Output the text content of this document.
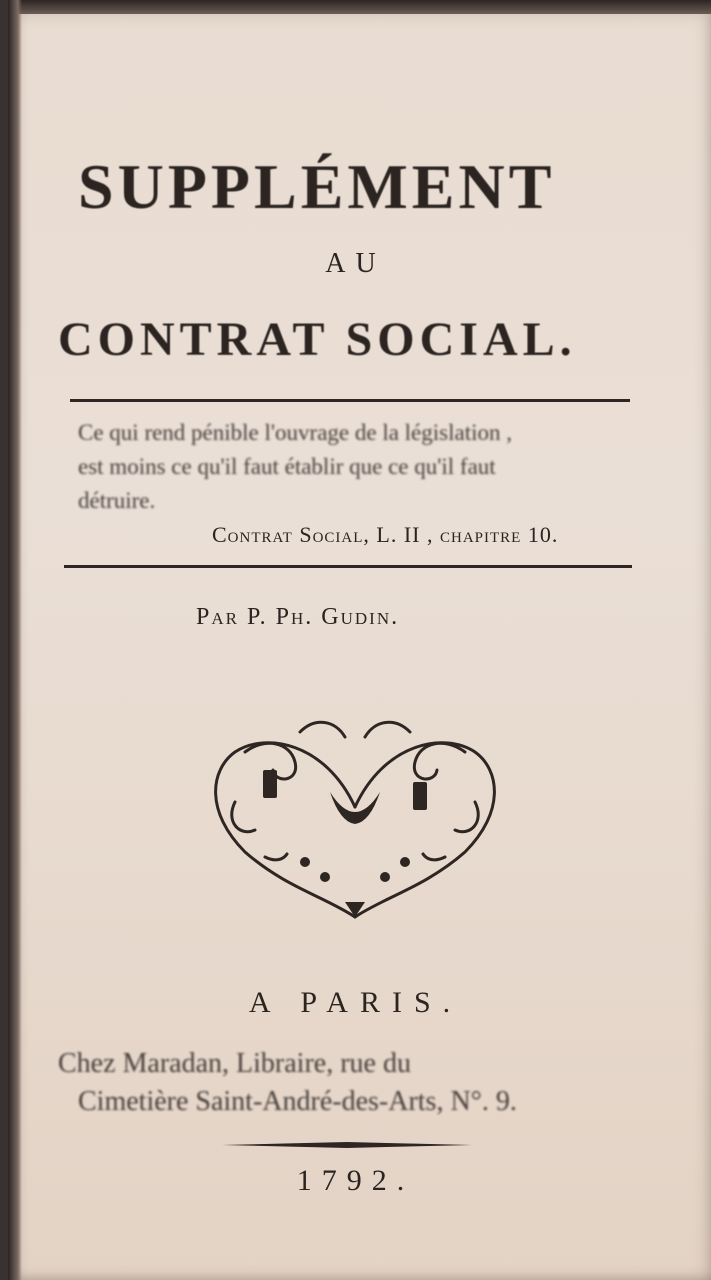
SUPPLÉMENT
AU
CONTRAT SOCIAL.
Ce qui rend pénible l'ouvrage de la législation ,
est moins ce qu'il faut établir que ce qu'il faut
détruire.
Contrat Social, L. II , chapitre 10.
Par P. Ph. Gudin.
A PARIS.
Chez Maradan, Libraire, rue du
Cimetière Saint-André-des-Arts, N°. 9.
1792.
